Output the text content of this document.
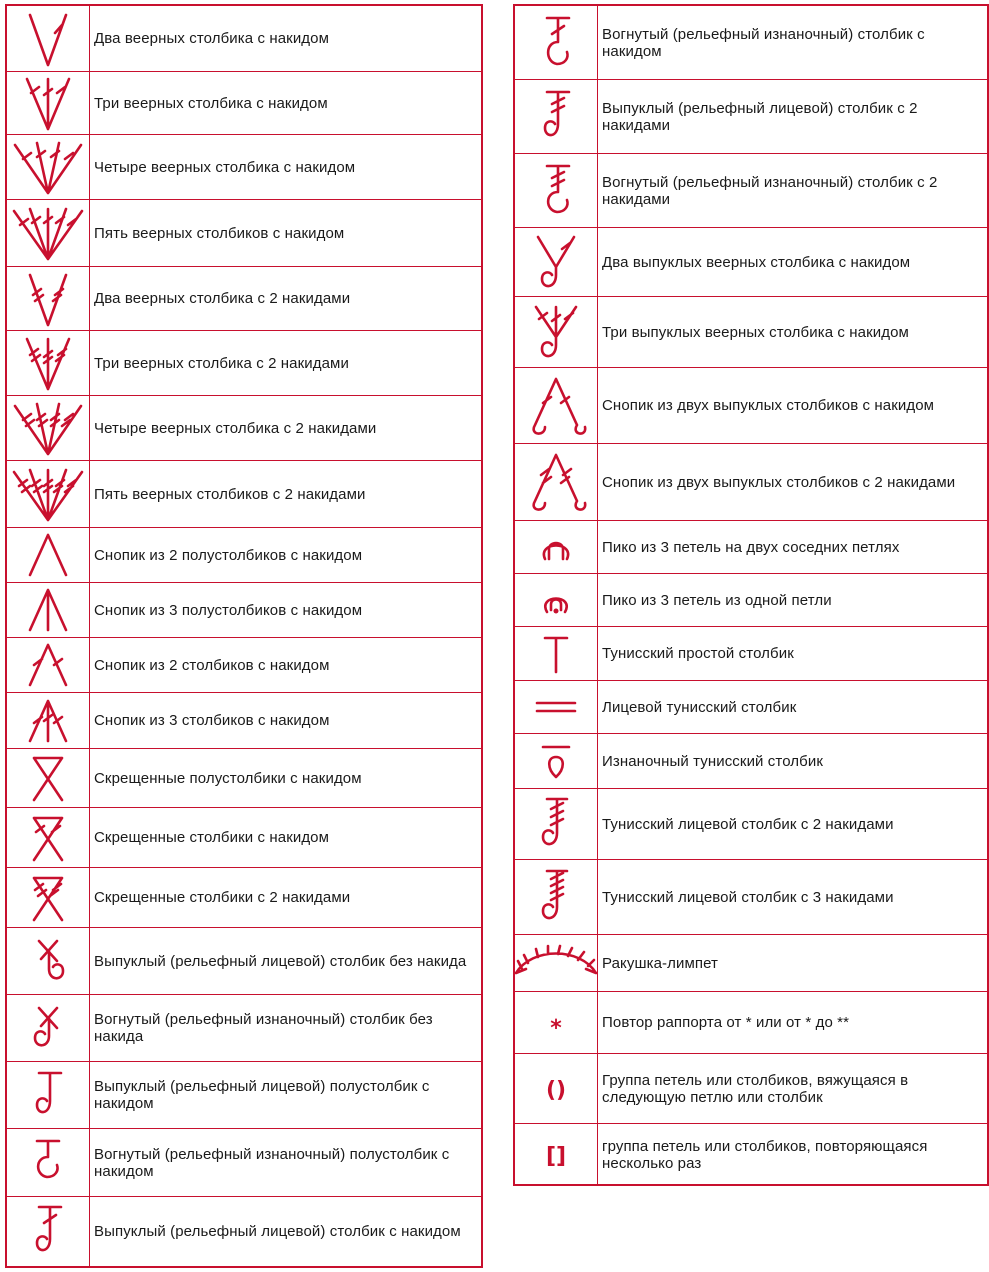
Два веерных столбика с накидом
Три веерных столбика с накидом
Четыре веерных столбика с накидом
Пять веерных столбиков с накидом
Два веерных столбика с 2 накидами
Три веерных столбика с 2 накидами
Четыре веерных столбика с 2 накидами
Пять веерных столбиков с 2 накидами
Снопик из 2 полустолбиков с накидом
Снопик из 3 полустолбиков с накидом
Снопик из 2 столбиков с накидом
Снопик из 3 столбиков с накидом
Скрещенные полустолбики с накидом
Скрещенные столбики с накидом
Скрещенные столбики с 2 накидами
Выпуклый (рельефный лицевой) столбик без накида
Вогнутый (рельефный изнаночный) столбик без накида
Выпуклый (рельефный лицевой) полустолбик с накидом
Вогнутый (рельефный изнаночный) полустолбик с накидом
Выпуклый (рельефный лицевой) столбик с накидом
Вогнутый (рельефный изнаночный) столбик с накидом
Выпуклый (рельефный лицевой) столбик с 2 накидами
Вогнутый (рельефный изнаночный) столбик с 2 накидами
Два выпуклых веерных столбика с накидом
Три выпуклых веерных столбика с накидом
Снопик из двух выпуклых столбиков с накидом
Снопик из двух выпуклых столбиков с 2 накидами
Пико из 3 петель на двух соседних петлях
Пико из 3 петель из одной петли
Тунисский простой столбик
Лицевой тунисский столбик
Изнаночный тунисский столбик
Тунисский лицевой столбик с 2 накидами
Тунисский лицевой столбик с 3 накидами
Ракушка-лимпет
*	Повтор раппорта от * или от * до **
() Группа петель или столбиков, вяжущаяся в следующую петлю или столбик
[] группа петель или столбиков, повторяющаяся несколько раз
